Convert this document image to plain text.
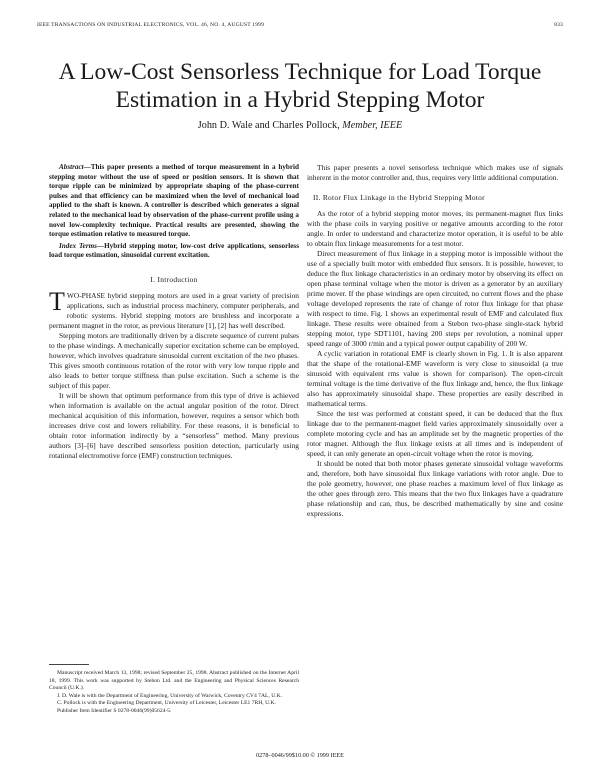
IEEE TRANSACTIONS ON INDUSTRIAL ELECTRONICS, VOL. 46, NO. 4, AUGUST 1999	833
A Low-Cost Sensorless Technique for Load Torque Estimation in a Hybrid Stepping Motor
John D. Wale and Charles Pollock, Member, IEEE

Abstract—This paper presents a method of torque measurement in a hybrid stepping motor without the use of speed or position sensors. It is shown that torque ripple can be minimized by appropriate shaping of the phase-current pulses and that efficiency can be maximized when the level of mechanical load applied to the shaft is known. A controller is described which generates a signal related to the mechanical load by observation of the phase-current profile using a novel low-complexity technique. Practical results are presented, showing the torque estimation relative to measured torque.

Index Terms—Hybrid stepping motor, low-cost drive applications, sensorless load torque estimation, sinusoidal current excitation.

I. Introduction

TWO-PHASE hybrid stepping motors are used in a great variety of precision applications, such as industrial process machinery, computer peripherals, and robotic systems. Hybrid stepping motors are brushless and incorporate a permanent magnet in the rotor, as previous literature [1], [2] has well described.

Stepping motors are traditionally driven by a discrete sequence of current pulses to the phase windings. A mechanically superior excitation scheme can be employed, however, which involves quadrature sinusoidal current excitation of the two phases. This gives smooth continuous rotation of the rotor with very low torque ripple and also leads to better torque stiffness than pulse excitation. Such a scheme is the subject of this paper.

It will be shown that optimum performance from this type of drive is achieved when information is available on the actual angular position of the rotor. Direct mechanical acquisition of this information, however, requires a sensor which both increases drive cost and lowers reliability. For these reasons, it is beneficial to obtain rotor information indirectly by a “sensorless” method. Many previous authors [3]–[6] have described sensorless position detection, particularly using rotational electromotive force (EMF) construction techniques.

Manuscript received March 13, 1998; revised September 25, 1998. Abstract published on the Internet April 18, 1999. This work was supported by Stebon Ltd. and the Engineering and Physical Sciences Research Council (U.K.).

J. D. Wale is with the Department of Engineering, University of Warwick, Coventry CV4 7AL, U.K.

C. Pollock is with the Engineering Department, University of Leicester, Leicester LE1 7RH, U.K.

Publisher Item Identifier S 0278-0046(99)05624-5.

This paper presents a novel sensorless technique which makes use of signals inherent in the motor controller and, thus, requires very little additional computation.

II. Rotor Flux Linkage in the Hybrid Stepping Motor

As the rotor of a hybrid stepping motor moves, its permanent-magnet flux links with the phase coils in varying positive or negative amounts according to the rotor angle. In order to understand and characterize motor operation, it is useful to be able to obtain flux linkage measurements for a test motor.

Direct measurement of flux linkage in a stepping motor is impossible without the use of a specially built motor with embedded flux sensors. It is possible, however, to deduce the flux linkage characteristics in an ordinary motor by observing its effect on open phase terminal voltage when the motor is driven as a generator by an auxiliary prime mover. If the phase windings are open circuited, no current flows and the phase voltage developed represents the rate of change of rotor flux linkage for that phase with respect to time. Fig. 1 shows an experimental result of EMF and calculated flux linkage. These results were obtained from a Stebon two-phase single-stack hybrid stepping motor, type SDT1101, having 200 steps per revolution, a nominal upper speed range of 3000 r/min and a typical power output capability of 200 W.

A cyclic variation in rotational EMF is clearly shown in Fig. 1. It is also apparent that the shape of the rotational-EMF waveform is very close to sinusoidal (a true sinusoid with equivalent rms value is shown for comparison). The open-circuit terminal voltage is the time derivative of the flux linkage and, hence, the flux linkage also has approximately sinusoidal shape. These properties are easily described in mathematical terms.

Since the test was performed at constant speed, it can be deduced that the flux linkage due to the permanent-magnet field varies approximately sinusoidally over a complete motoring cycle and has an amplitude set by the magnetic properties of the rotor magnet. Although the flux linkage exists at all times and is independent of speed, it can only generate an open-circuit voltage when the rotor is moving.

It should be noted that both motor phases generate sinusoidal voltage waveforms and, therefore, both have sinusoidal flux linkage variations with rotor angle. Due to the pole geometry, however, one phase reaches a maximum level of flux linkage as the other goes through zero. This means that the two flux linkages have a quadrature phase relationship and can, thus, be described mathematically by sine and cosine expressions.

0278–0046/99$10.00 © 1999 IEEE
